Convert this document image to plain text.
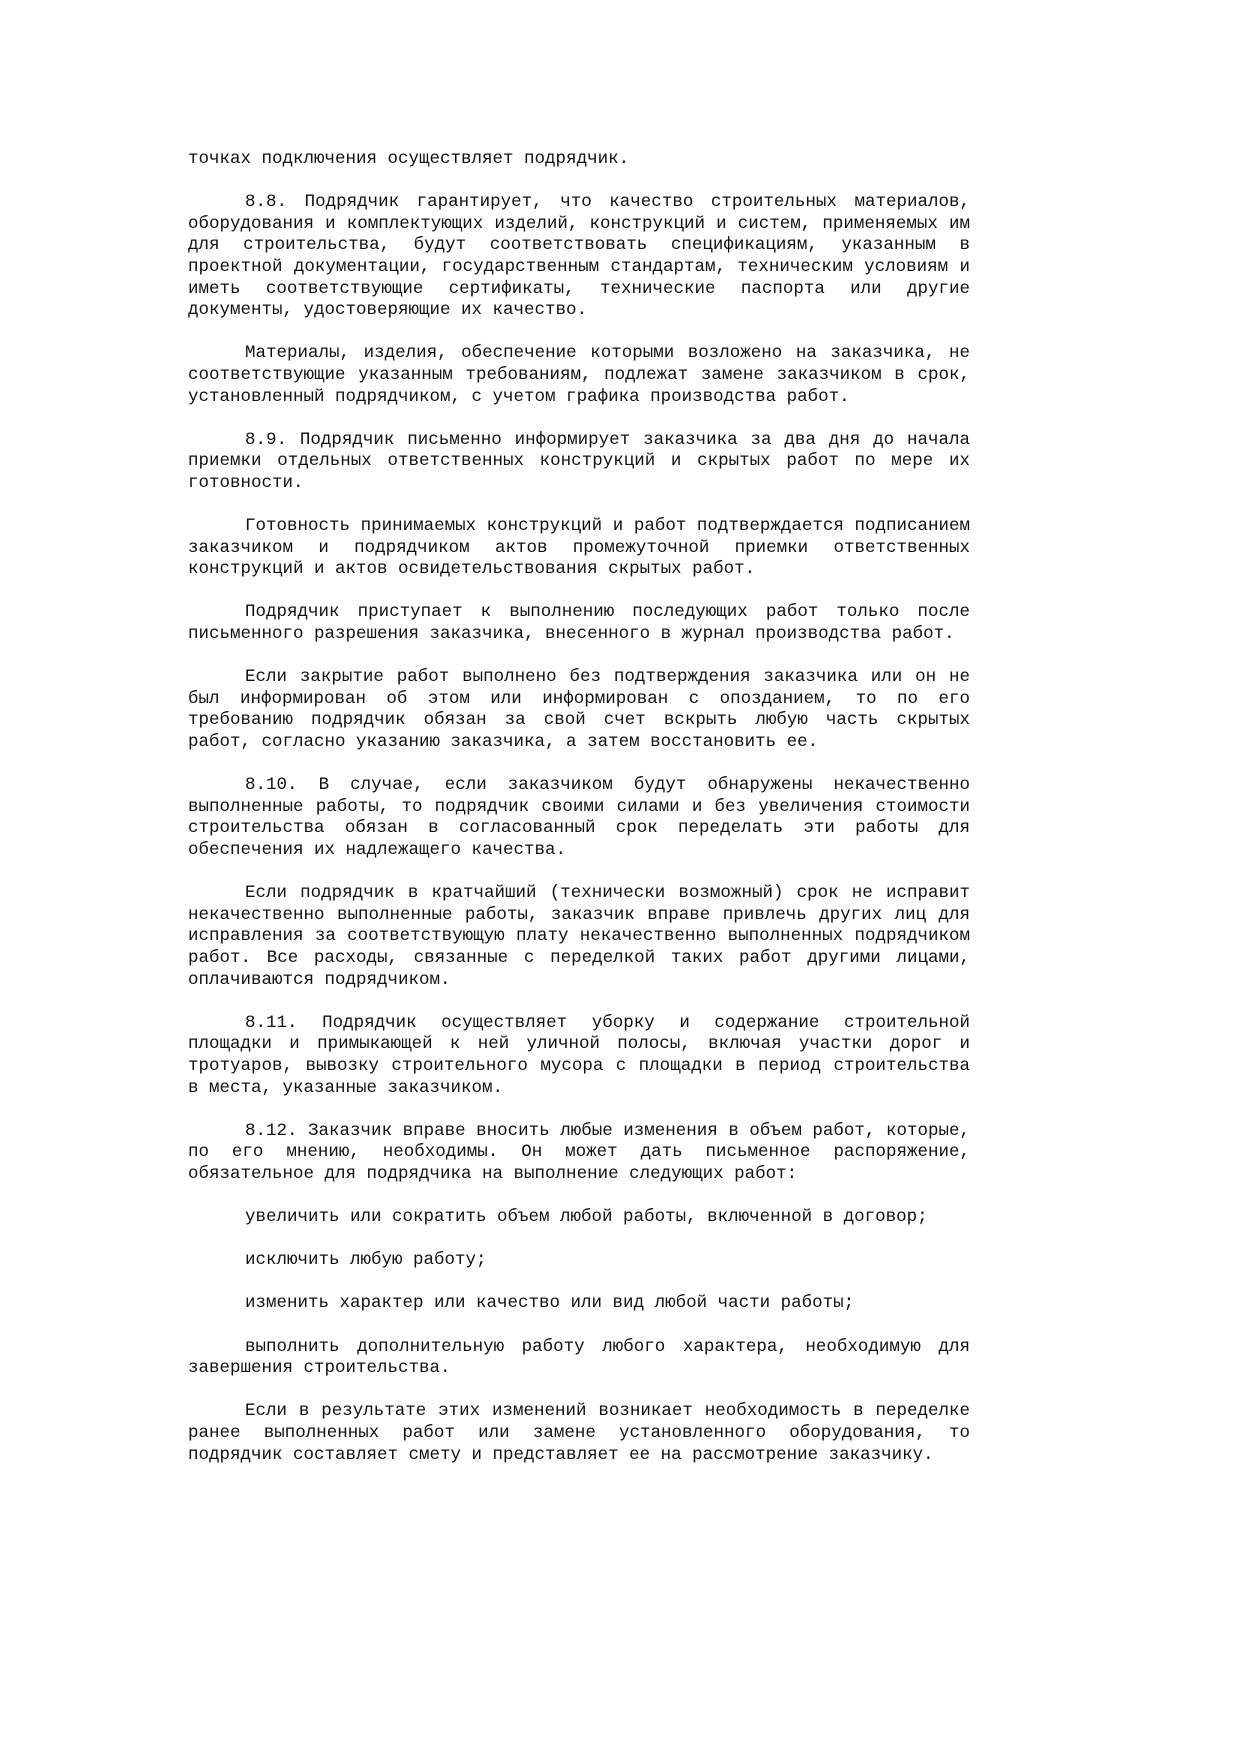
точках подключения осуществляет подрядчик.

8.8. Подрядчик гарантирует, что качество строительных материалов, оборудования и комплектующих изделий, конструкций и систем, применяемых им для строительства, будут соответствовать спецификациям, указанным в проектной документации, государственным стандартам, техническим условиям и иметь соответствующие сертификаты, технические паспорта или другие документы, удостоверяющие их качество.

Материалы, изделия, обеспечение которыми возложено на заказчика, не соответствующие указанным требованиям, подлежат замене заказчиком в срок, установленный подрядчиком, с учетом графика производства работ.

8.9. Подрядчик письменно информирует заказчика за два дня до начала приемки отдельных ответственных конструкций и скрытых работ по мере их готовности.

Готовность принимаемых конструкций и работ подтверждается подписанием заказчиком и подрядчиком актов промежуточной приемки ответственных конструкций и актов освидетельствования скрытых работ.

Подрядчик приступает к выполнению последующих работ только после письменного разрешения заказчика, внесенного в журнал производства работ.

Если закрытие работ выполнено без подтверждения заказчика или он не был информирован об этом или информирован с опозданием, то по его требованию подрядчик обязан за свой счет вскрыть любую часть скрытых работ, согласно указанию заказчика, а затем восстановить ее.

8.10. В случае, если заказчиком будут обнаружены некачественно выполненные работы, то подрядчик своими силами и без увеличения стоимости строительства обязан в согласованный срок переделать эти работы для обеспечения их надлежащего качества.

Если подрядчик в кратчайший (технически возможный) срок не исправит некачественно выполненные работы, заказчик вправе привлечь других лиц для исправления за соответствующую плату некачественно выполненных подрядчиком работ. Все расходы, связанные с переделкой таких работ другими лицами, оплачиваются подрядчиком.

8.11. Подрядчик осуществляет уборку и содержание строительной площадки и примыкающей к ней уличной полосы, включая участки дорог и тротуаров, вывозку строительного мусора с площадки в период строительства в места, указанные заказчиком.

8.12. Заказчик вправе вносить любые изменения в объем работ, которые, по его мнению, необходимы. Он может дать письменное распоряжение, обязательное для подрядчика на выполнение следующих работ:

увеличить или сократить объем любой работы, включенной в договор;

исключить любую работу;

изменить характер или качество или вид любой части работы;

выполнить дополнительную работу любого характера, необходимую для завершения строительства.

Если в результате этих изменений возникает необходимость в переделке ранее выполненных работ или замене установленного оборудования, то подрядчик составляет смету и представляет ее на рассмотрение заказчику.
